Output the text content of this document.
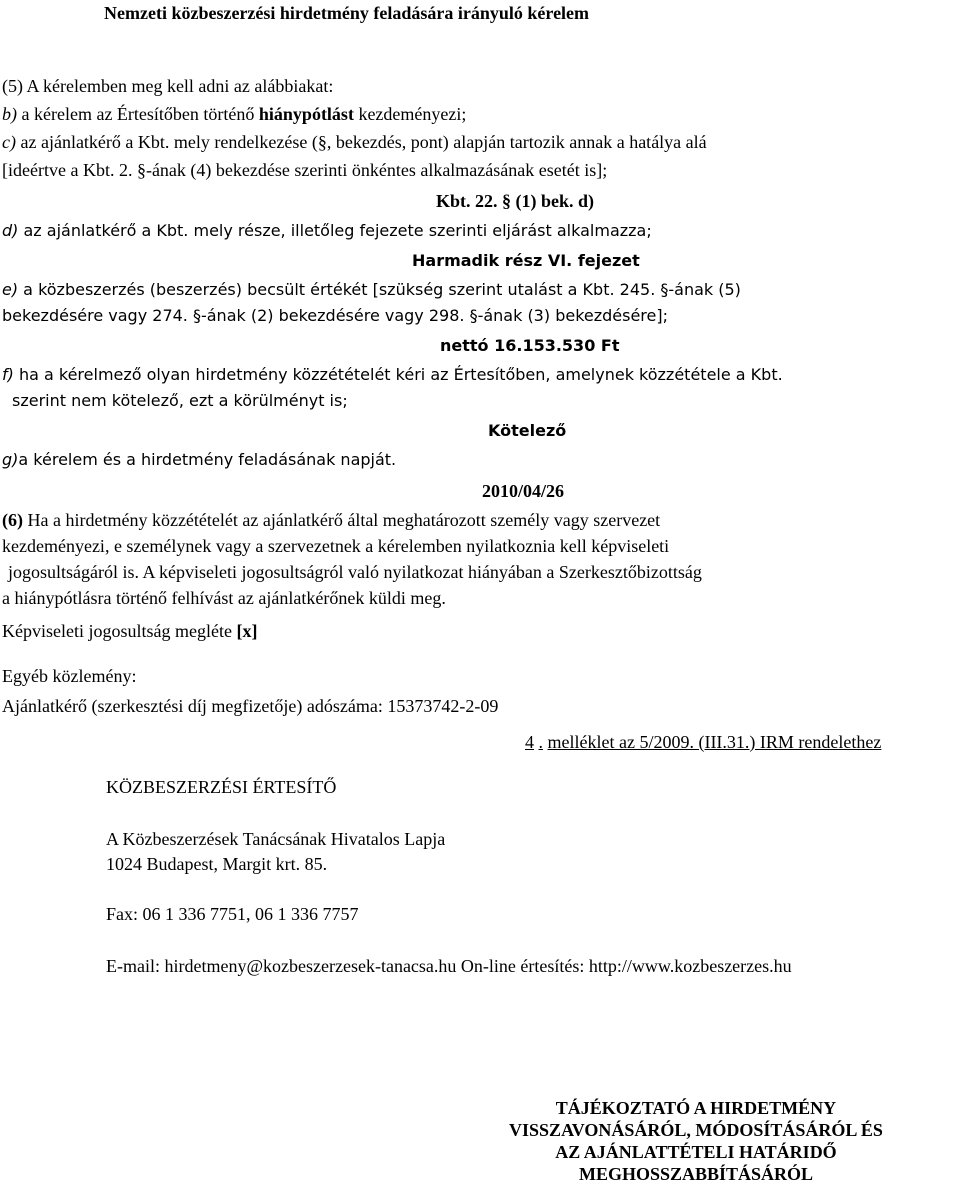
Nemzeti közbeszerzési hirdetmény feladására irányuló kérelem
(5) A kérelemben meg kell adni az alábbiakat:
b) a kérelem az Értesítőben történő hiánypótlást kezdeményezi;
c) az ajánlatkérő a Kbt. mely rendelkezése (§, bekezdés, pont) alapján tartozik annak a hatálya alá
[ideértve a Kbt. 2. §-ának (4) bekezdése szerinti önkéntes alkalmazásának esetét is];
Kbt. 22. § (1) bek. d)
d) az ajánlatkérő a Kbt. mely része, illetőleg fejezete szerinti eljárást alkalmazza;
Harmadik rész VI. fejezet
e) a közbeszerzés (beszerzés) becsült értékét [szükség szerint utalást a Kbt. 245. §-ának (5)
bekezdésére vagy 274. §-ának (2) bekezdésére vagy 298. §-ának (3) bekezdésére];
nettó 16.153.530 Ft
f) ha a kérelmező olyan hirdetmény közzétételét kéri az Értesítőben, amelynek közzététele a Kbt.
szerint nem kötelező, ezt a körülményt is;
Kötelező
g)a kérelem és a hirdetmény feladásának napját.
2010/04/26
(6) Ha a hirdetmény közzétételét az ajánlatkérő által meghatározott személy vagy szervezet
kezdeményezi, e személynek vagy a szervezetnek a kérelemben nyilatkoznia kell képviseleti
jogosultságáról is. A képviseleti jogosultságról való nyilatkozat hiányában a Szerkesztőbizottság
a hiánypótlásra történő felhívást az ajánlatkérőnek küldi meg.
Képviseleti jogosultság megléte [x]
Egyéb közlemény:
Ajánlatkérő (szerkesztési díj megfizetője) adószáma: 15373742-2-09
4 . melléklet az 5/2009. (III.31.) IRM rendelethez
KÖZBESZERZÉSI ÉRTESÍTŐ
A Közbeszerzések Tanácsának Hivatalos Lapja
1024 Budapest, Margit krt. 85.
Fax: 06 1 336 7751, 06 1 336 7757
E-mail: hirdetmeny@kozbeszerzesek-tanacsa.hu On-line értesítés: http://www.kozbeszerzes.hu
TÁJÉKOZTATÓ A HIRDETMÉNY
VISSZAVONÁSÁRÓL, MÓDOSÍTÁSÁRÓL ÉS
AZ AJÁNLATTÉTELI HATÁRIDŐ
MEGHOSSZABBÍTÁSÁRÓL
